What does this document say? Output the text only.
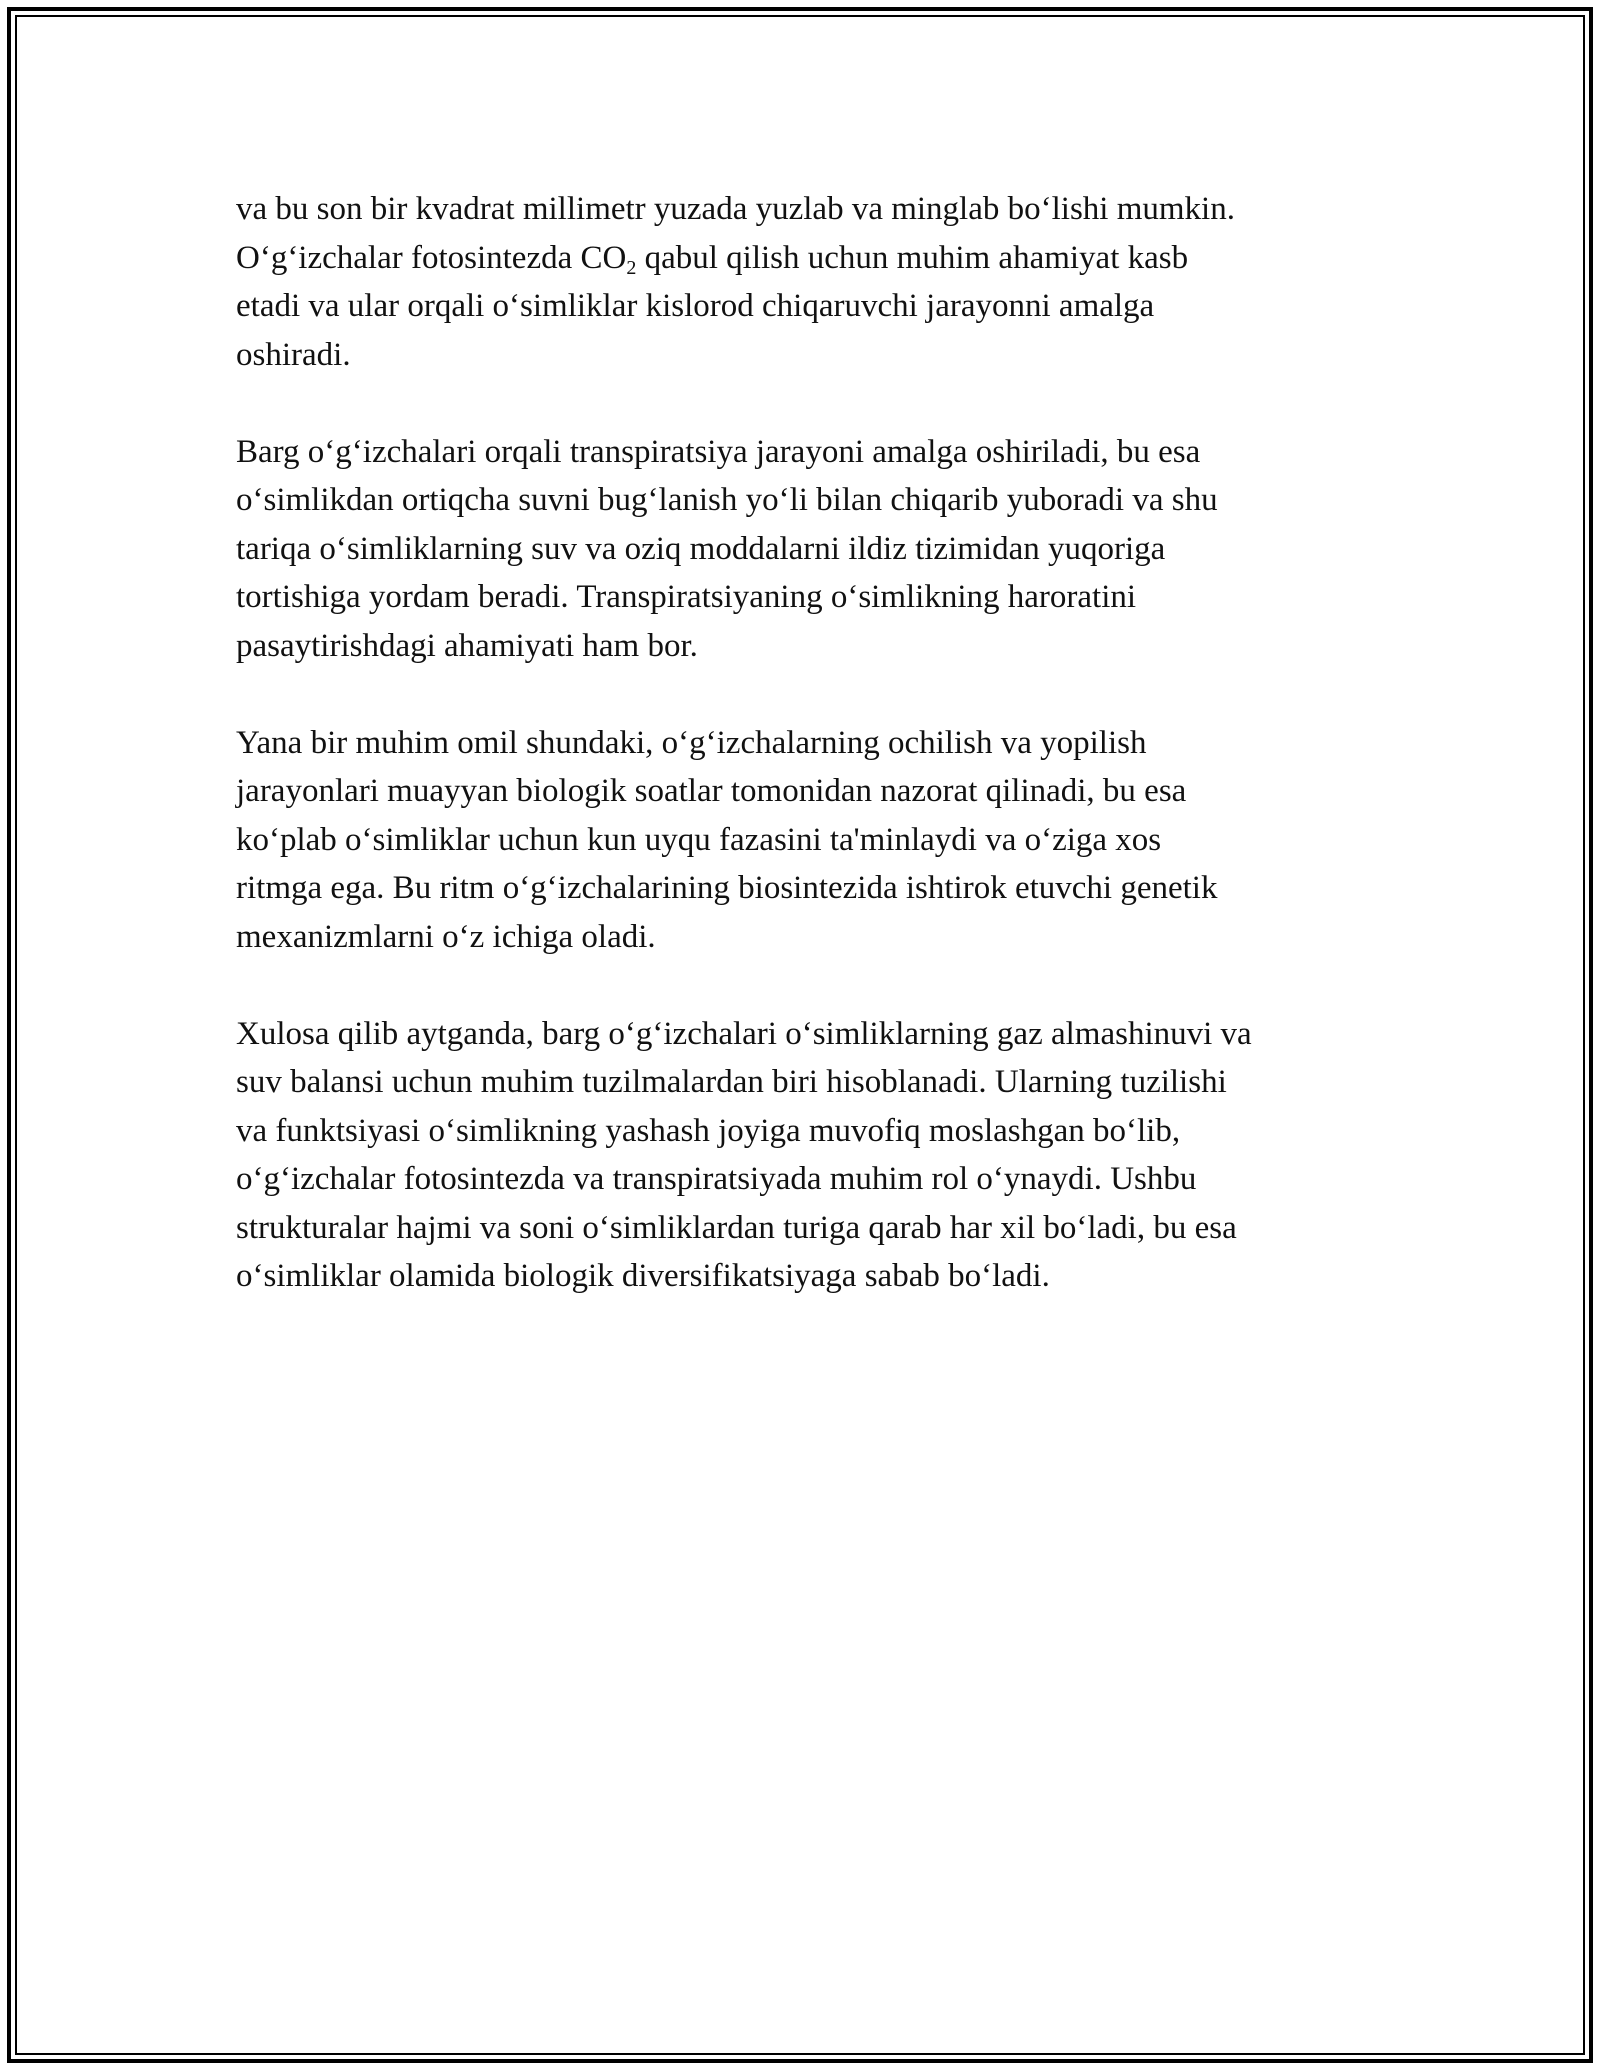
va bu son bir kvadrat millimetr yuzada yuzlab va minglab bo‘lishi mumkin.
O‘g‘izchalar fotosintezda $CO_2$ qabul qilish uchun muhim ahamiyat kasb
etadi va ular orqali o‘simliklar kislorod chiqaruvchi jarayonni amalga
oshiradi.

Barg o‘g‘izchalari orqali transpiratsiya jarayoni amalga oshiriladi, bu esa
o‘simlikdan ortiqcha suvni bug‘lanish yo‘li bilan chiqarib yuboradi va shu
tariqa o‘simliklarning suv va oziq moddalarni ildiz tizimidan yuqoriga
tortishiga yordam beradi. Transpiratsiyaning o‘simlikning haroratini
pasaytirishdagi ahamiyati ham bor.

Yana bir muhim omil shundaki, o‘g‘izchalarning ochilish va yopilish
jarayonlari muayyan biologik soatlar tomonidan nazorat qilinadi, bu esa
ko‘plab o‘simliklar uchun kun uyqu fazasini ta'minlaydi va o‘ziga xos
ritmga ega. Bu ritm o‘g‘izchalarining biosintezida ishtirok etuvchi genetik
mexanizmlarni o‘z ichiga oladi.

Xulosa qilib aytganda, barg o‘g‘izchalari o‘simliklarning gaz almashinuvi va
suv balansi uchun muhim tuzilmalardan biri hisoblanadi. Ularning tuzilishi
va funktsiyasi o‘simlikning yashash joyiga muvofiq moslashgan bo‘lib,
o‘g‘izchalar fotosintezda va transpiratsiyada muhim rol o‘ynaydi. Ushbu
strukturalar hajmi va soni o‘simliklardan turiga qarab har xil bo‘ladi, bu esa
o‘simliklar olamida biologik diversifikatsiyaga sabab bo‘ladi.
